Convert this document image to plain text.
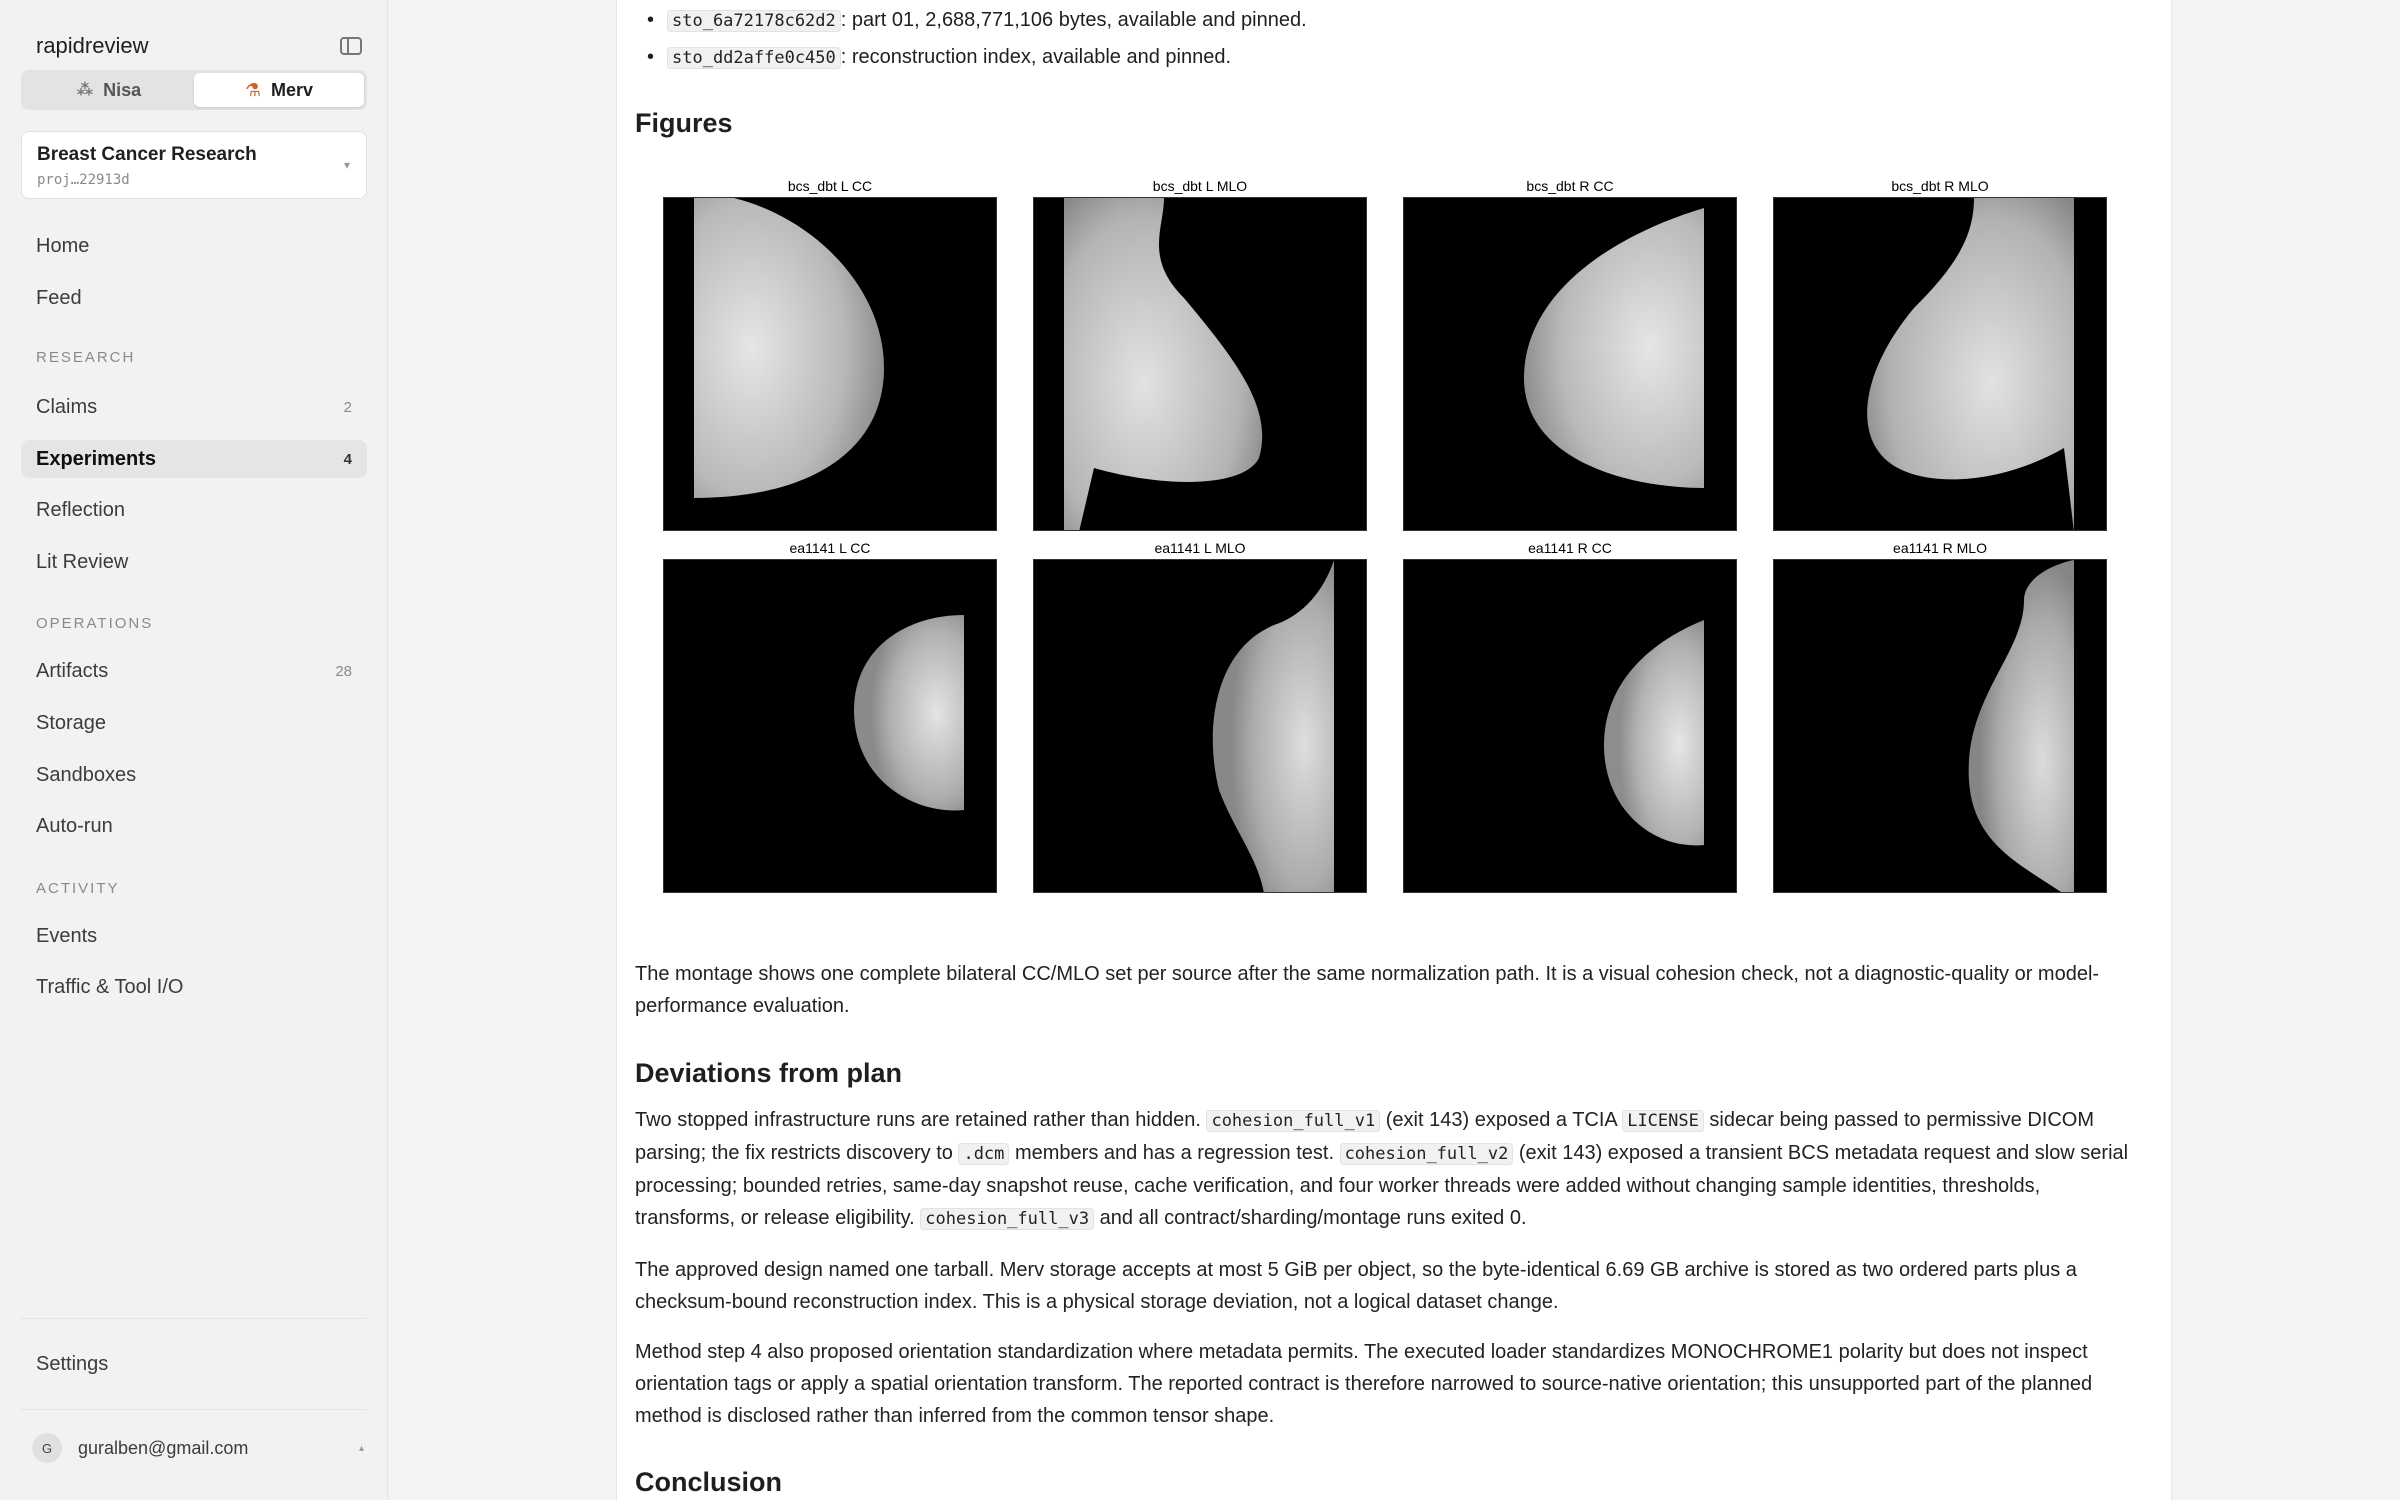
rapidreview
⁂ Nisa	⚗ Merv
Breast Cancer Research
proj…22913d
▾
Home
Feed
RESEARCH
Claims	2
Experiments	4
Reflection
Lit Review
OPERATIONS
Artifacts	28
Storage
Sandboxes
Auto-run
ACTIVITY
Events
Traffic & Tool I/O
Settings
G	guralben@gmail.com	▴
• sto_6a72178c62d2 : part 01, 2,688,771,106 bytes, available and pinned.
• sto_dd2affe0c450 : reconstruction index, available and pinned.
Figures
bcs_dbt L CC	bcs_dbt L MLO	bcs_dbt R CC	bcs_dbt R MLO
ea1141 L CC	ea1141 L MLO	ea1141 R CC	ea1141 R MLO

The montage shows one complete bilateral CC/MLO set per source after the same normalization path. It is a visual cohesion check, not a diagnostic-quality or model-performance evaluation.

Deviations from plan

Two stopped infrastructure runs are retained rather than hidden. cohesion_full_v1 (exit 143) exposed a TCIA LICENSE sidecar being passed to permissive DICOM parsing; the fix restricts discovery to .dcm members and has a regression test. cohesion_full_v2 (exit 143) exposed a transient BCS metadata request and slow serial processing; bounded retries, same-day snapshot reuse, cache verification, and four worker threads were added without changing sample identities, thresholds, transforms, or release eligibility. cohesion_full_v3 and all contract/sharding/montage runs exited 0.

The approved design named one tarball. Merv storage accepts at most 5 GiB per object, so the byte-identical 6.69 GB archive is stored as two ordered parts plus a checksum-bound reconstruction index. This is a physical storage deviation, not a logical dataset change.

Method step 4 also proposed orientation standardization where metadata permits. The executed loader standardizes MONOCHROME1 polarity but does not inspect orientation tags or apply a spatial orientation transform. The reported contract is therefore narrowed to source-native orientation; this unsupported part of the planned method is disclosed rather than inferred from the common tensor shape.

Conclusion
